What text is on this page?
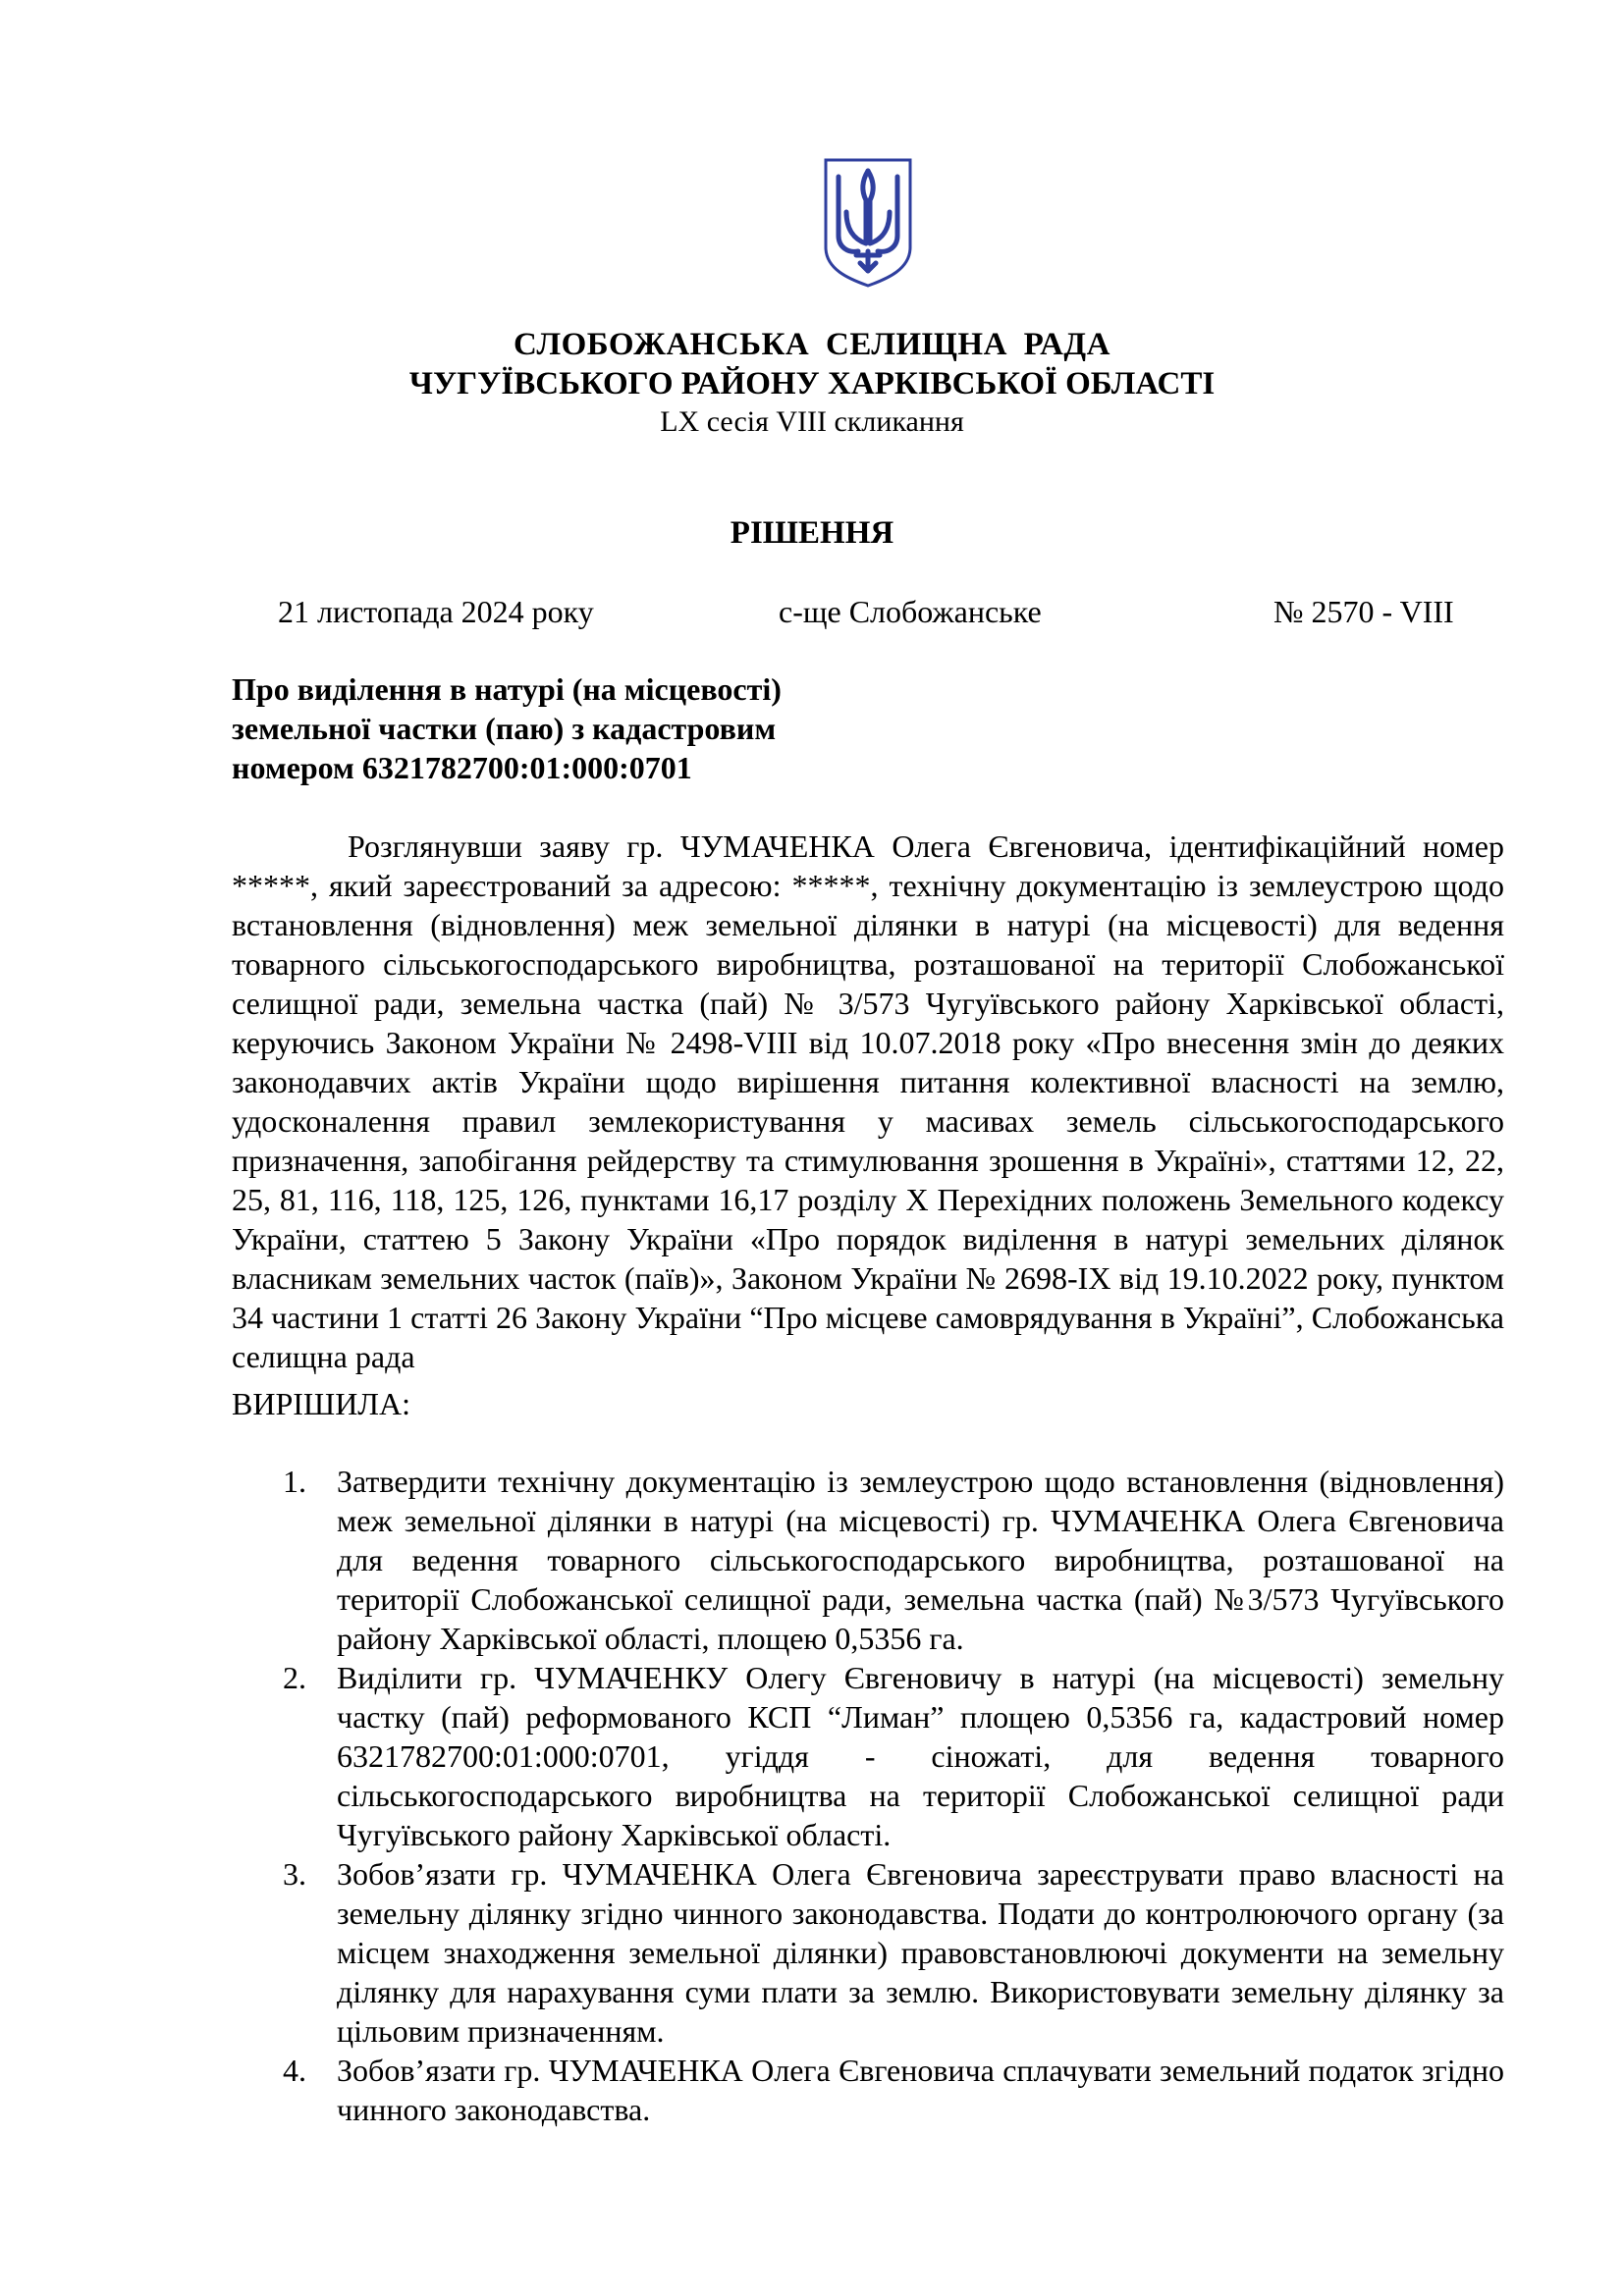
СЛОБОЖАНСЬКА СЕЛИЩНА РАДА
ЧУГУЇВСЬКОГО РАЙОНУ ХАРКІВСЬКОЇ ОБЛАСТІ
LX сесія VIII скликання
РІШЕННЯ
21 листопада 2024 року	с-ще Слобожанське	№ 2570 - VIII
Про виділення в натурі (на місцевості)
земельної частки (паю) з кадастровим
номером 6321782700:01:000:0701
Розглянувши заяву гр. ЧУМАЧЕНКА Олега Євгеновича, ідентифікаційний номер *****, який зареєстрований за адресою: *****, технічну документацію із землеустрою щодо встановлення (відновлення) меж земельної ділянки в натурі (на місцевості) для ведення товарного сільськогосподарського виробництва, розташованої на території Слобожанської селищної ради, земельна частка (пай) № 3/573 Чугуївського району Харківської області, керуючись Законом України № 2498-VIII від 10.07.2018 року «Про внесення змін до деяких законодавчих актів України щодо вирішення питання колективної власності на землю, удосконалення правил землекористування у масивах земель сільськогосподарського призначення, запобігання рейдерству та стимулювання зрошення в Україні», статтями 12, 22, 25, 81, 116, 118, 125, 126, пунктами 16,17 розділу X Перехідних положень Земельного кодексу України, статтею 5 Закону України «Про порядок виділення в натурі земельних ділянок власникам земельних часток (паїв)», Законом України № 2698-IX від 19.10.2022 року, пунктом 34 частини 1 статті 26 Закону України “Про місцеве самоврядування в Україні”, Слобожанська селищна рада
ВИРІШИЛА:
1. Затвердити технічну документацію із землеустрою щодо встановлення (відновлення) меж земельної ділянки в натурі (на місцевості) гр. ЧУМАЧЕНКА Олега Євгеновича для ведення товарного сільськогосподарського виробництва, розташованої на території Слобожанської селищної ради, земельна частка (пай) №3/573 Чугуївського району Харківської області, площею 0,5356 га.
2. Виділити гр. ЧУМАЧЕНКУ Олегу Євгеновичу в натурі (на місцевості) земельну частку (пай) реформованого КСП “Лиман” площею 0,5356 га, кадастровий номер 6321782700:01:000:0701, угіддя - сіножаті, для ведення товарного сільськогосподарського виробництва на території Слобожанської селищної ради Чугуївського району Харківської області.
3. Зобов’язати гр. ЧУМАЧЕНКА Олега Євгеновича зареєструвати право власності на земельну ділянку згідно чинного законодавства. Подати до контролюючого органу (за місцем знаходження земельної ділянки) правовстановлюючі документи на земельну ділянку для нарахування суми плати за землю. Використовувати земельну ділянку за цільовим призначенням.
4. Зобов’язати гр. ЧУМАЧЕНКА Олега Євгеновича сплачувати земельний податок згідно чинного законодавства.
